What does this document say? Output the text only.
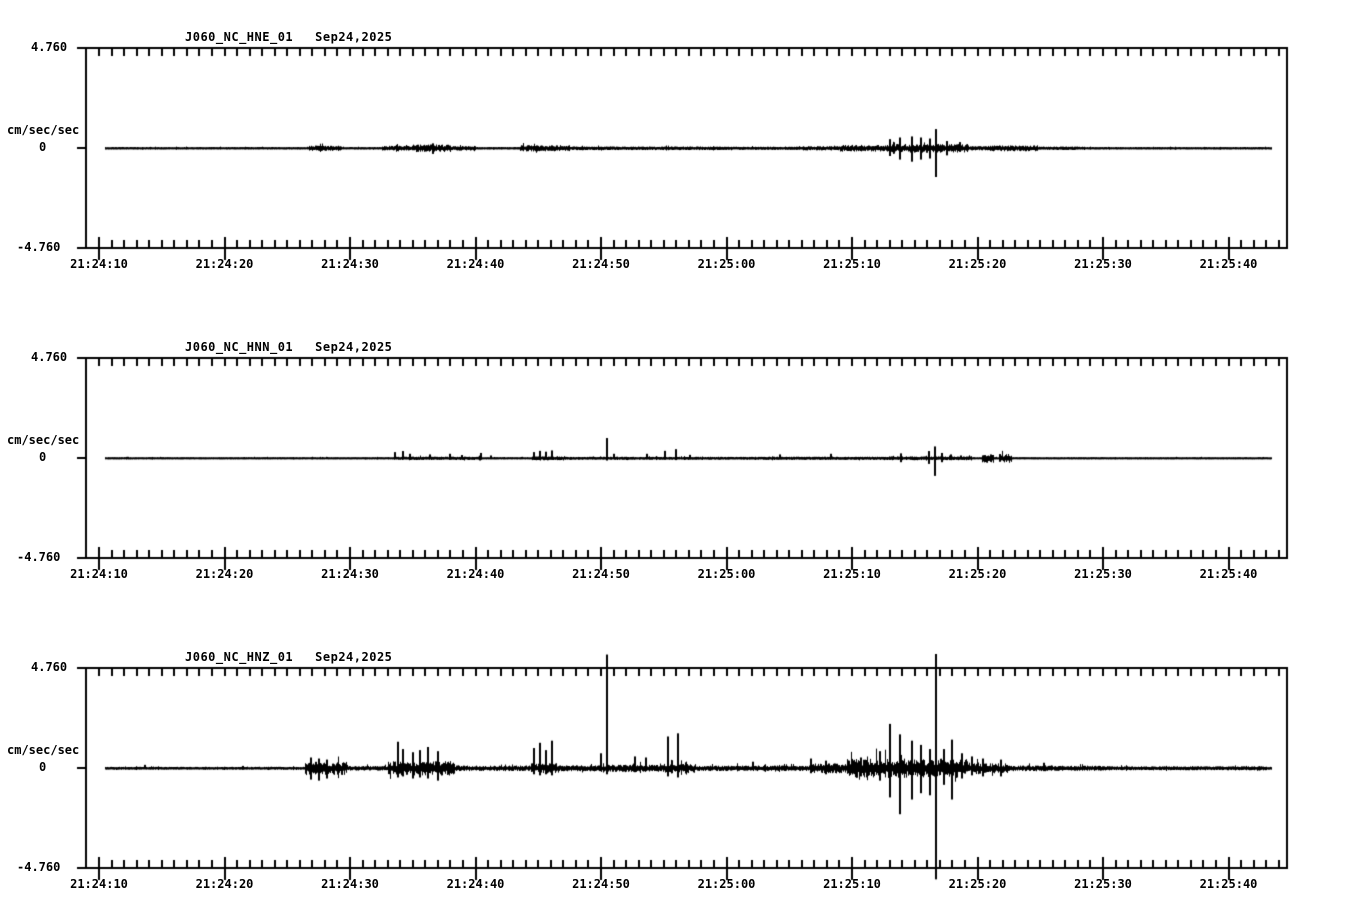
J060_NC_HNE_01 Sep24,2025
4.760
cm/sec/sec
0
-4.760
21:24:10	21:24:20	21:24:30	21:24:40	21:24:50	21:25:00	21:25:10	21:25:20	21:25:30	21:25:40
J060_NC_HNN_01 Sep24,2025
4.760
cm/sec/sec
0
-4.760
21:24:10	21:24:20	21:24:30	21:24:40	21:24:50	21:25:00	21:25:10	21:25:20	21:25:30	21:25:40
J060_NC_HNZ_01 Sep24,2025
4.760
cm/sec/sec
0
-4.760
21:24:10	21:24:20	21:24:30	21:24:40	21:24:50	21:25:00	21:25:10	21:25:20	21:25:30	21:25:40
